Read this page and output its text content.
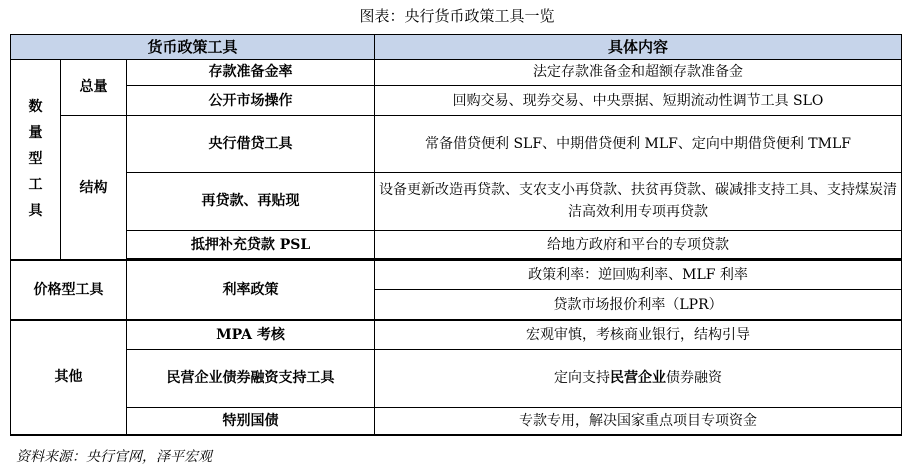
图表：央行货币政策工具一览
货币政策工具			具体内容

数量型工具	总量	存款准备金率	法定存款准备金和超额存款准备金
		公开市场操作	回购交易、现券交易、中央票据、短期流动性调节工具 SLO
	结构	央行借贷工具	常备借贷便利 SLF、中期借贷便利 MLF、定向中期借贷便利 TMLF
		再贷款、再贴现	设备更新改造再贷款、支农支小再贷款、扶贫再贷款、碳减排支持工具、支持煤炭清洁高效利用专项再贷款
		抵押补充贷款 PSL	给地方政府和平台的专项贷款

价格型工具		利率政策	政策利率：逆回购利率、MLF 利率
			贷款市场报价利率（LPR）
其他		MPA 考核	宏观审慎，考核商业银行，结构引导

		民营企业债券融资支持工具	定向支持民营企业债券融资
		特别国债	专款专用，解决国家重点项目专项资金
资料来源：央行官网，泽平宏观
